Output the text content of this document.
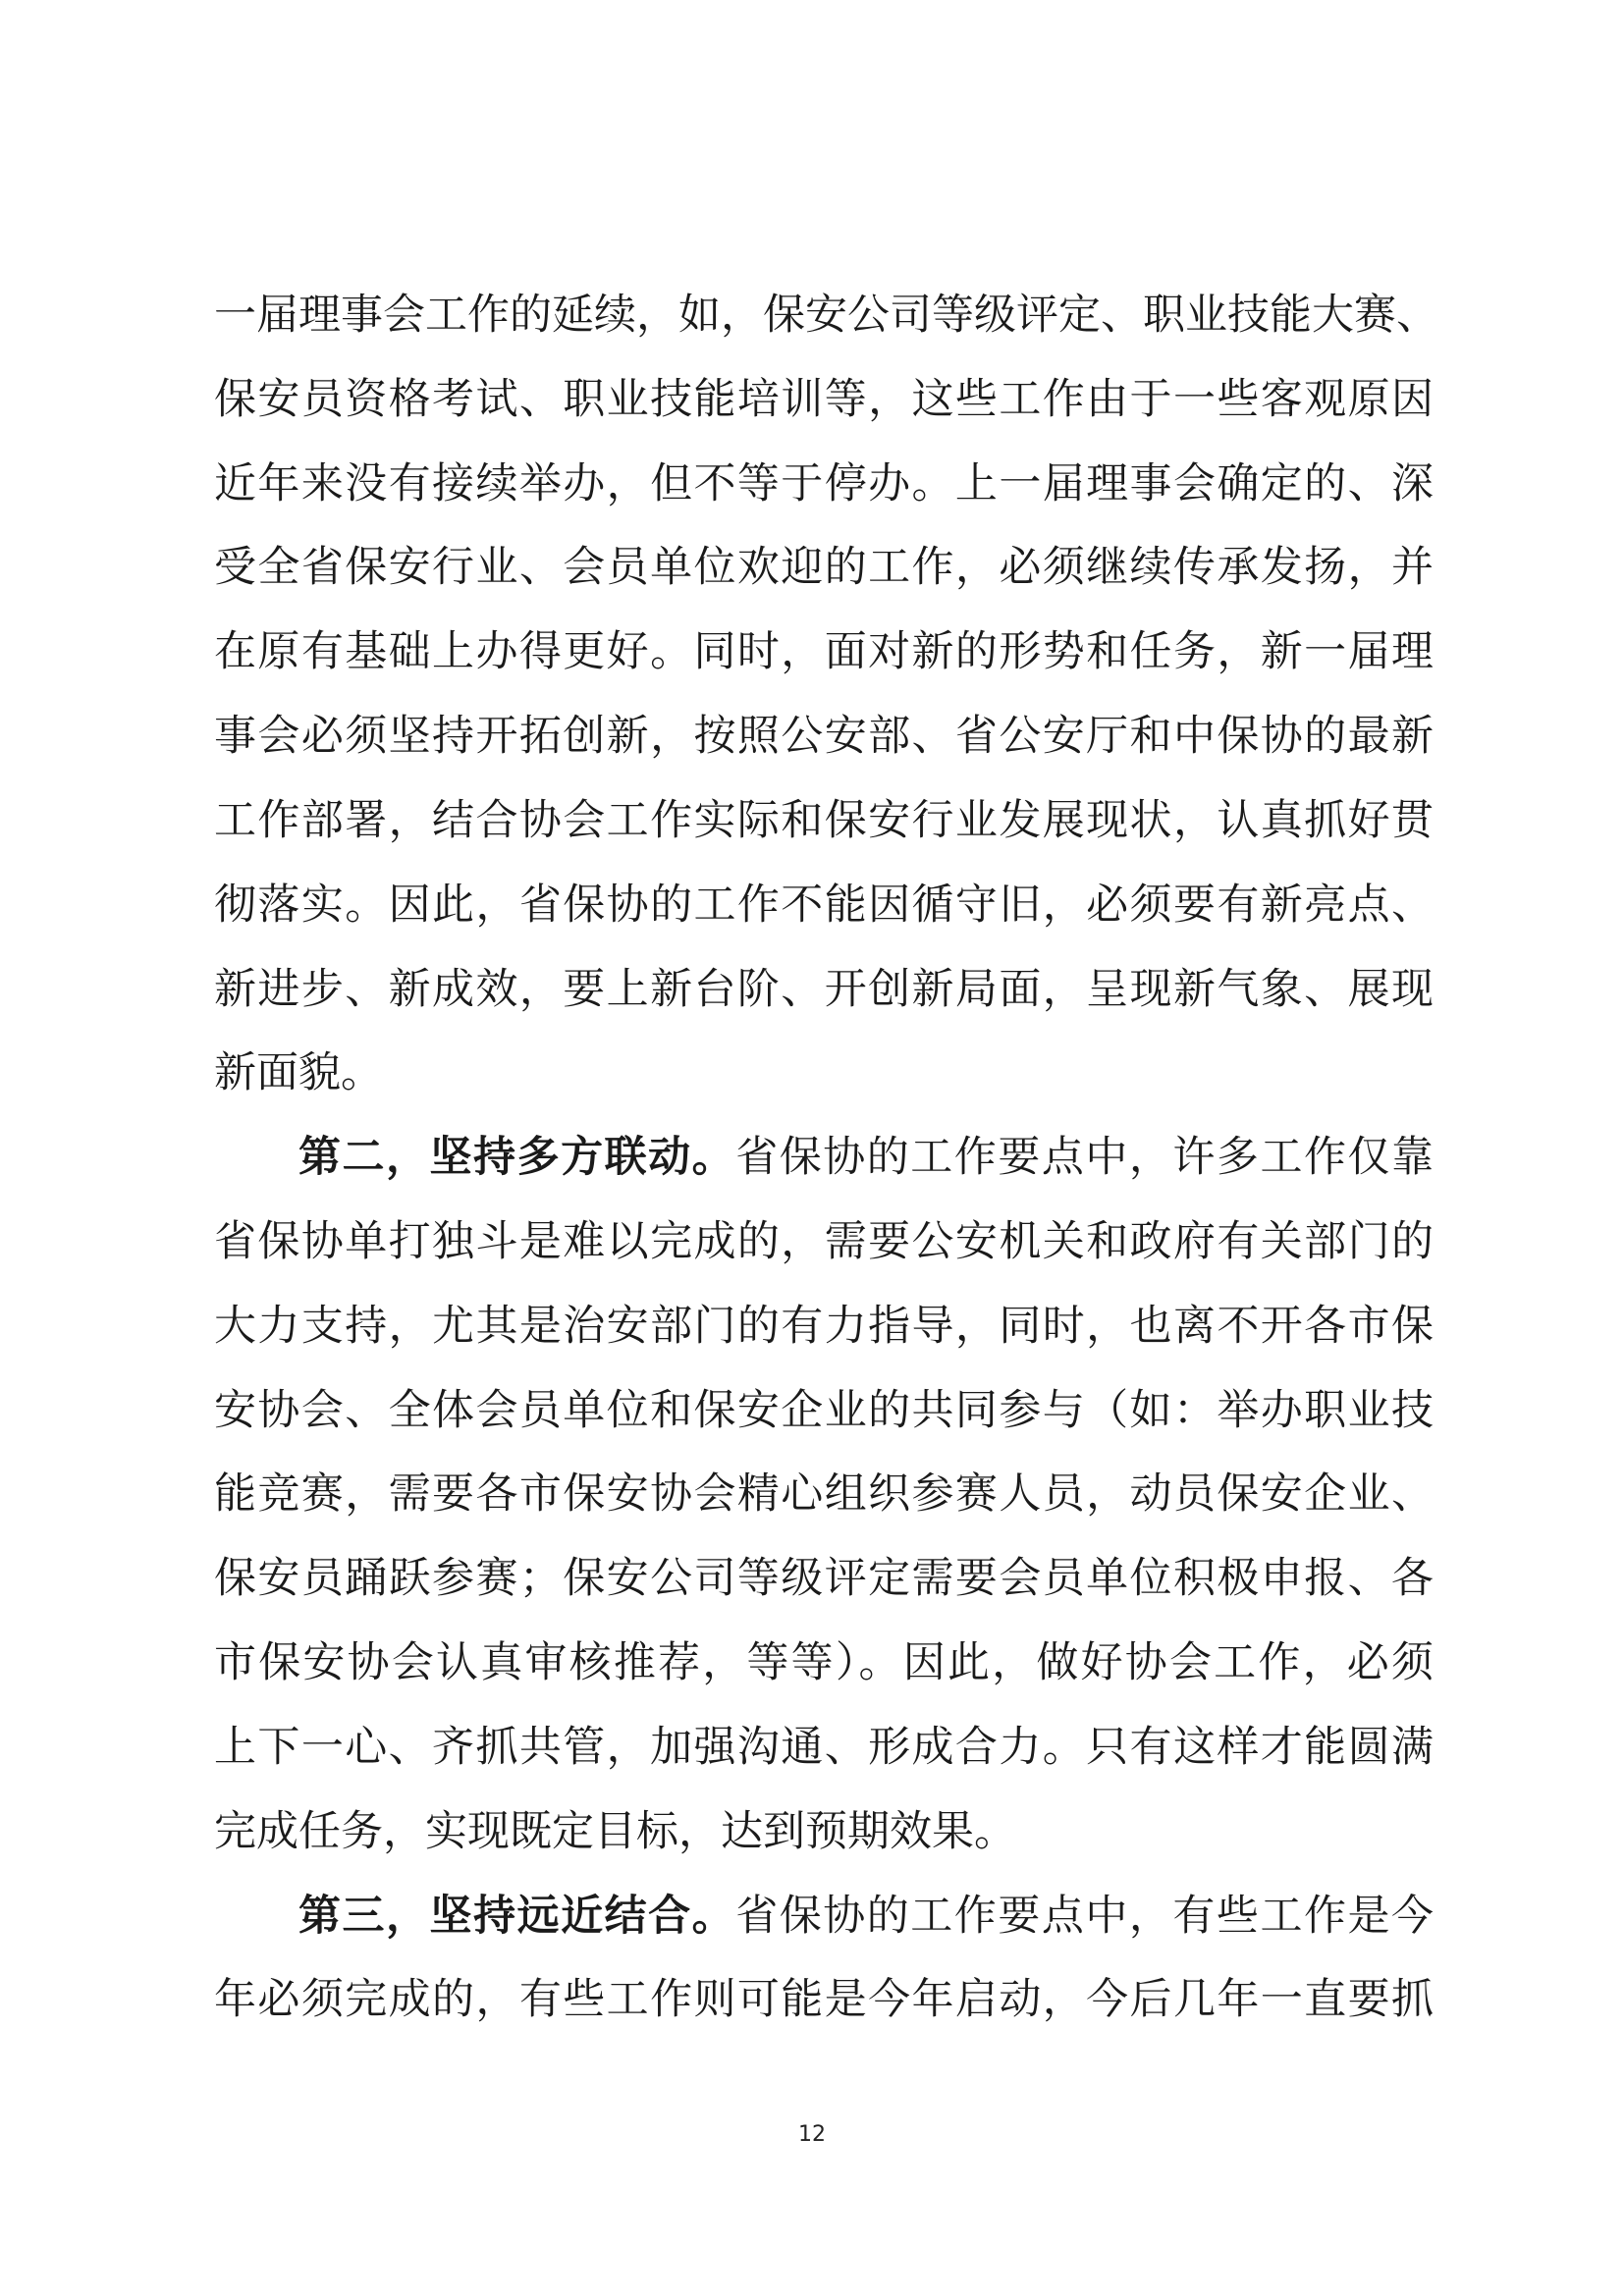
一届理事会工作的延续，如，保安公司等级评定、职业技能大赛、
保安员资格考试、职业技能培训等，这些工作由于一些客观原因
近年来没有接续举办，但不等于停办。上一届理事会确定的、深
受全省保安行业、会员单位欢迎的工作，必须继续传承发扬，并
在原有基础上办得更好。同时，面对新的形势和任务，新一届理
事会必须坚持开拓创新，按照公安部、省公安厅和中保协的最新
工作部署，结合协会工作实际和保安行业发展现状，认真抓好贯
彻落实。因此，省保协的工作不能因循守旧，必须要有新亮点、
新进步、新成效，要上新台阶、开创新局面，呈现新气象、展现
新面貌。
第二，坚持多方联动。省保协的工作要点中，许多工作仅靠
省保协单打独斗是难以完成的，需要公安机关和政府有关部门的
大力支持，尤其是治安部门的有力指导，同时，也离不开各市保
安协会、全体会员单位和保安企业的共同参与（如：举办职业技
能竞赛，需要各市保安协会精心组织参赛人员，动员保安企业、
保安员踊跃参赛；保安公司等级评定需要会员单位积极申报、各
市保安协会认真审核推荐，等等）。因此，做好协会工作，必须
上下一心、齐抓共管，加强沟通、形成合力。只有这样才能圆满
完成任务，实现既定目标，达到预期效果。
第三，坚持远近结合。省保协的工作要点中，有些工作是今
年必须完成的，有些工作则可能是今年启动，今后几年一直要抓
12
